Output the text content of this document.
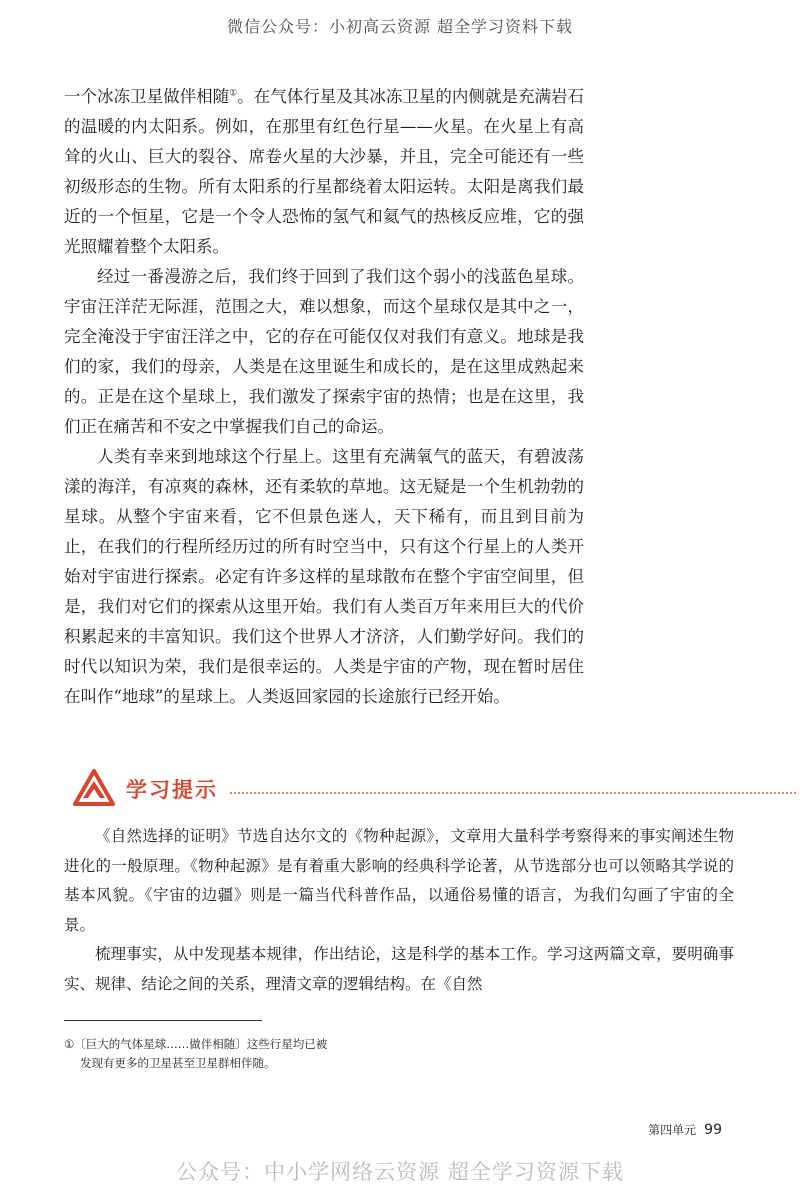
微信公众号：小初高云资源 超全学习资料下载

一个冰冻卫星做伴相随①。在气体行星及其冰冻卫星的内侧就是充满岩石的温暖的内太阳系。例如，在那里有红色行星——火星。在火星上有高耸的火山、巨大的裂谷、席卷火星的大沙暴，并且，完全可能还有一些初级形态的生物。所有太阳系的行星都绕着太阳运转。太阳是离我们最近的一个恒星，它是一个令人恐怖的氢气和氦气的热核反应堆，它的强光照耀着整个太阳系。

经过一番漫游之后，我们终于回到了我们这个弱小的浅蓝色星球。宇宙汪洋茫无际涯，范围之大，难以想象，而这个星球仅是其中之一，完全淹没于宇宙汪洋之中，它的存在可能仅仅对我们有意义。地球是我们的家，我们的母亲，人类是在这里诞生和成长的，是在这里成熟起来的。正是在这个星球上，我们激发了探索宇宙的热情；也是在这里，我们正在痛苦和不安之中掌握我们自己的命运。

人类有幸来到地球这个行星上。这里有充满氧气的蓝天，有碧波荡漾的海洋，有凉爽的森林，还有柔软的草地。这无疑是一个生机勃勃的星球。从整个宇宙来看，它不但景色迷人，天下稀有，而且到目前为止，在我们的行程所经历过的所有时空当中，只有这个行星上的人类开始对宇宙进行探索。必定有许多这样的星球散布在整个宇宙空间里，但是，我们对它们的探索从这里开始。我们有人类百万年来用巨大的代价积累起来的丰富知识。我们这个世界人才济济，人们勤学好问。我们的时代以知识为荣，我们是很幸运的。人类是宇宙的产物，现在暂时居住在叫作“地球”的星球上。人类返回家园的长途旅行已经开始。

学习提示

《自然选择的证明》节选自达尔文的《物种起源》，文章用大量科学考察得来的事实阐述生物进化的一般原理。《物种起源》是有着重大影响的经典科学论著，从节选部分也可以领略其学说的基本风貌。《宇宙的边疆》则是一篇当代科普作品，以通俗易懂的语言，为我们勾画了宇宙的全景。

梳理事实，从中发现基本规律，作出结论，这是科学的基本工作。学习这两篇文章，要明确事实、规律、结论之间的关系，理清文章的逻辑结构。在《自然

①〔巨大的气体星球……做伴相随〕这些行星均已被
发现有更多的卫星甚至卫星群相伴随。
第四单元 99
公众号：中小学网络云资源 超全学习资源下载
